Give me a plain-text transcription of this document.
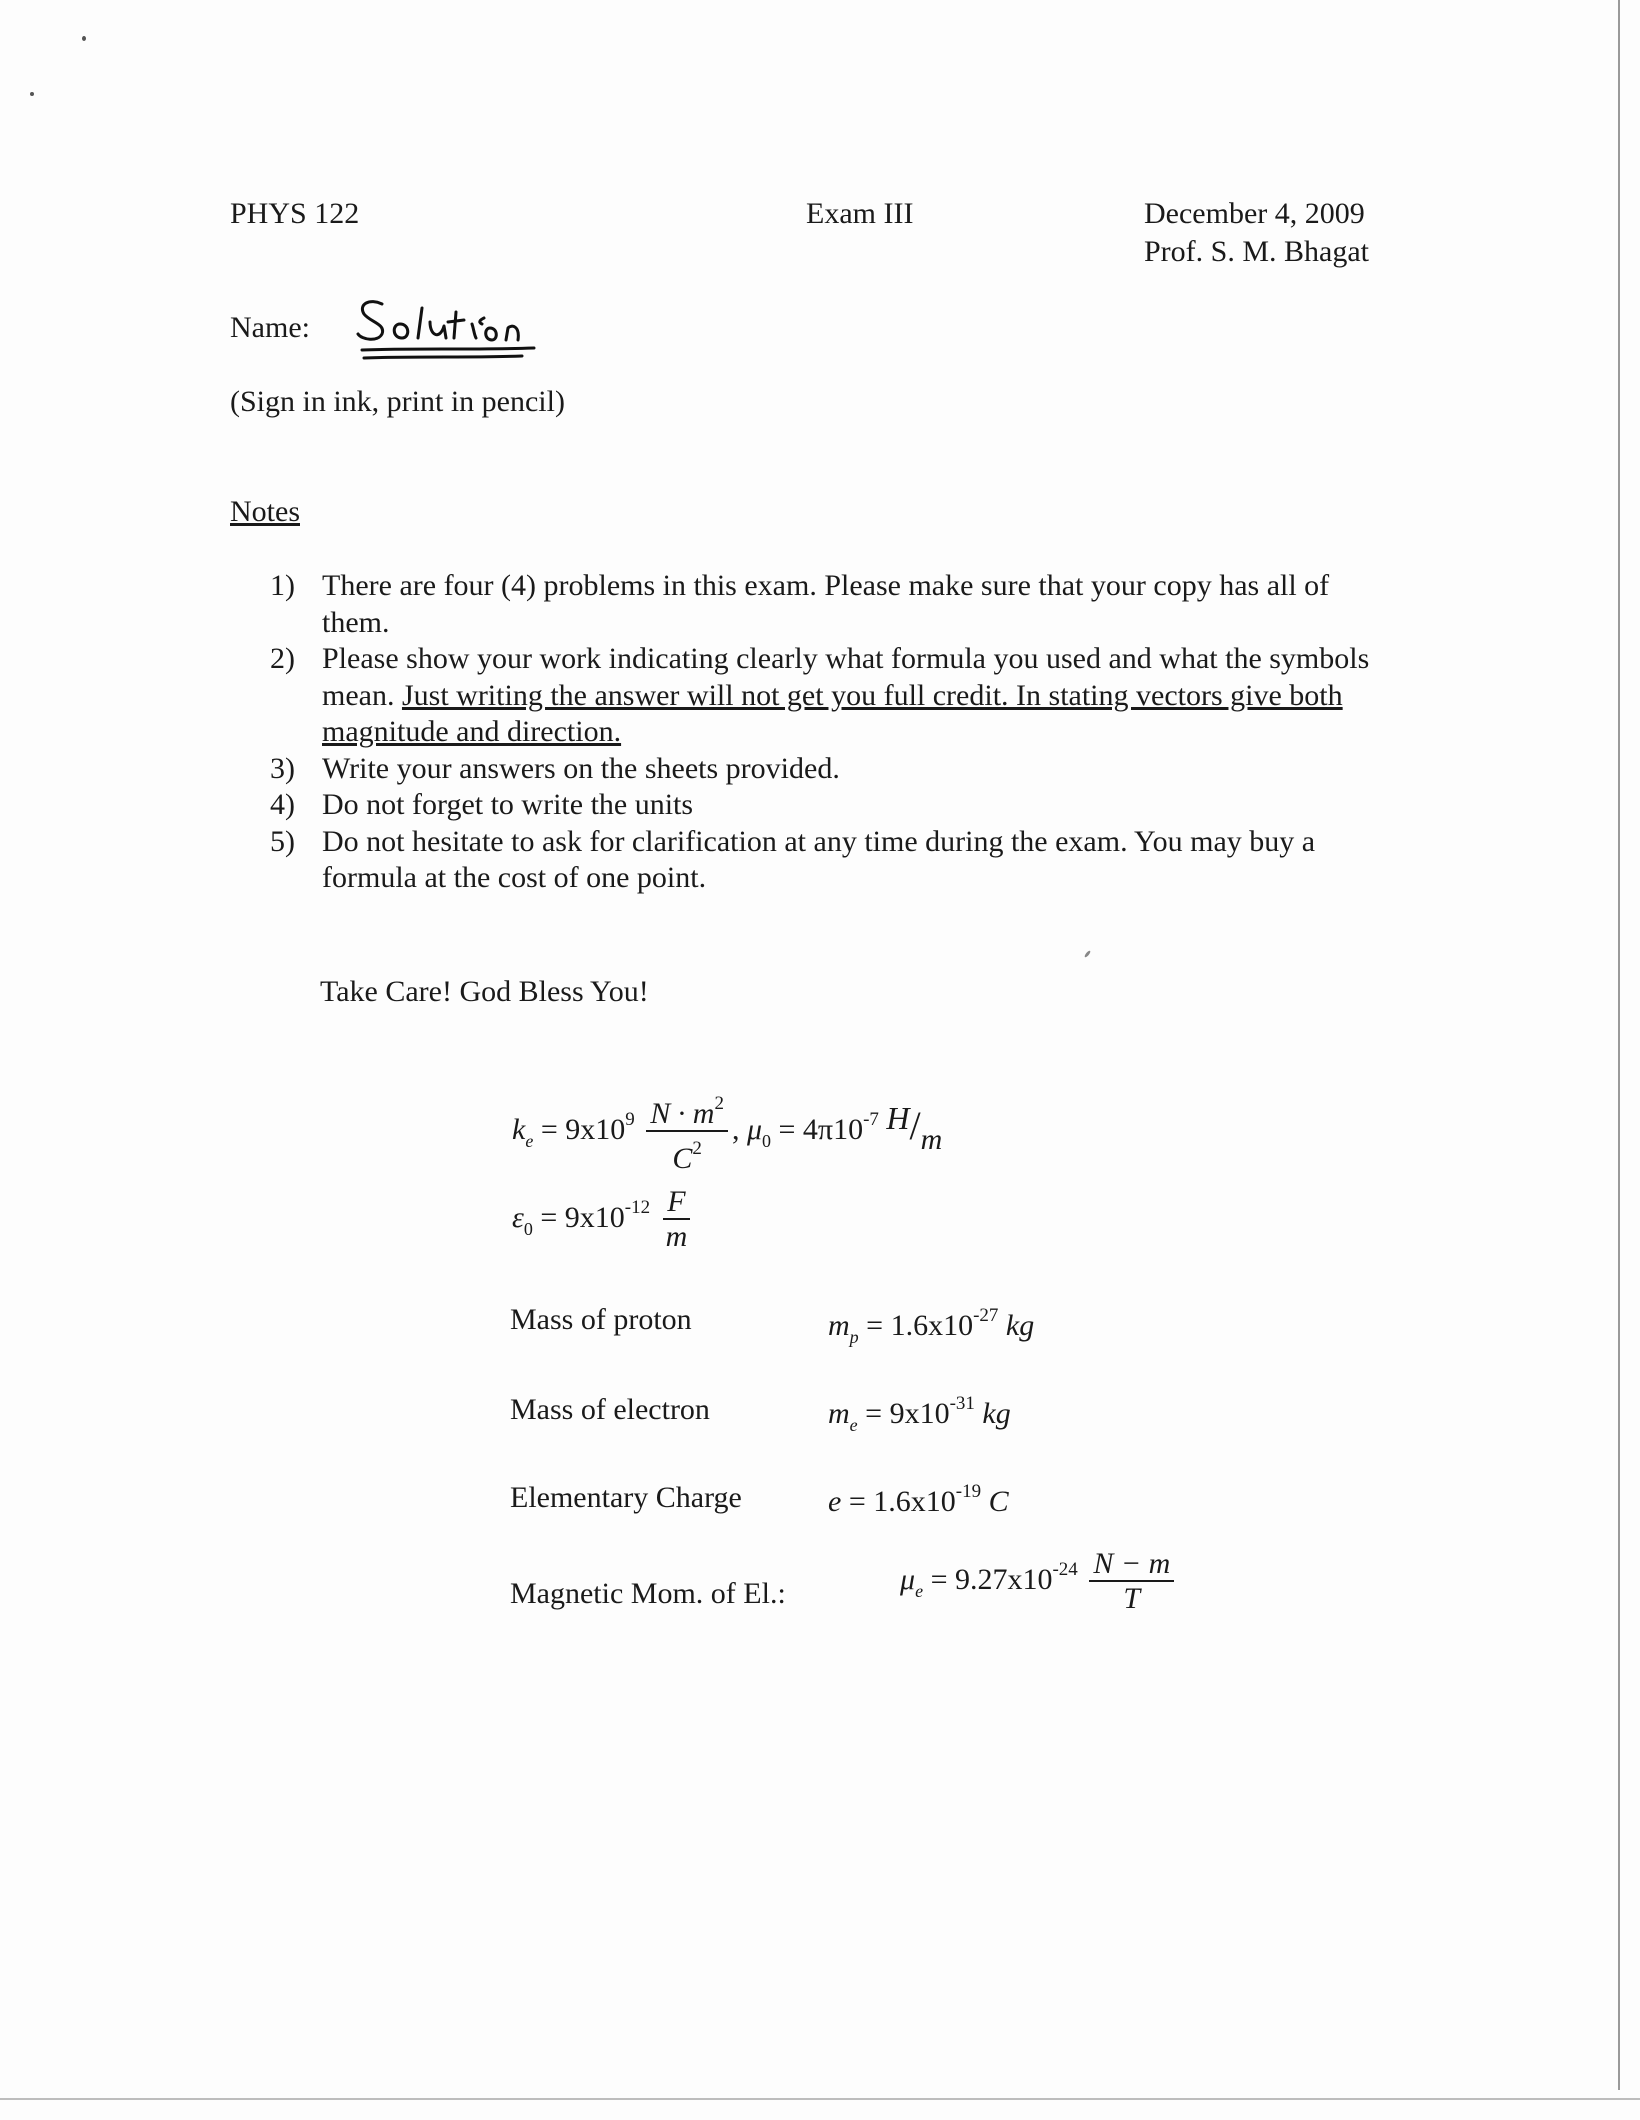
PHYS 122	Exam III	December 4, 2009
Prof. S. M. Bhagat
Name:
(Sign in ink, print in pencil)
Notes
1) There are four (4) problems in this exam. Please make sure that your copy has all of them.
2) Please show your work indicating clearly what formula you used and what the symbols mean. Just writing the answer will not get you full credit. In stating vectors give both magnitude and direction.
3) Write your answers on the sheets provided.
4) Do not forget to write the units
5) Do not hesitate to ask for clarification at any time during the exam. You may buy a formula at the cost of one point.
Take Care! God Bless You!
$k_e = 9x10^9 \frac{N \cdot m^2}{C^2}$ , $\mu_0 = 4\pi 10^{-7}$ H/m
$\varepsilon_0 = 9x10^{-12} \frac{F}{m}$
Mass of proton	$m_p = 1.6x10^{-27}$ kg
Mass of electron	$m_e = 9x10^{-31}$ kg
Elementary Charge	$e = 1.6x10^{-19}$ C
Magnetic Mom. of El.:	$\mu_e = 9.27x10^{-24} \frac{N - m}{T}$
